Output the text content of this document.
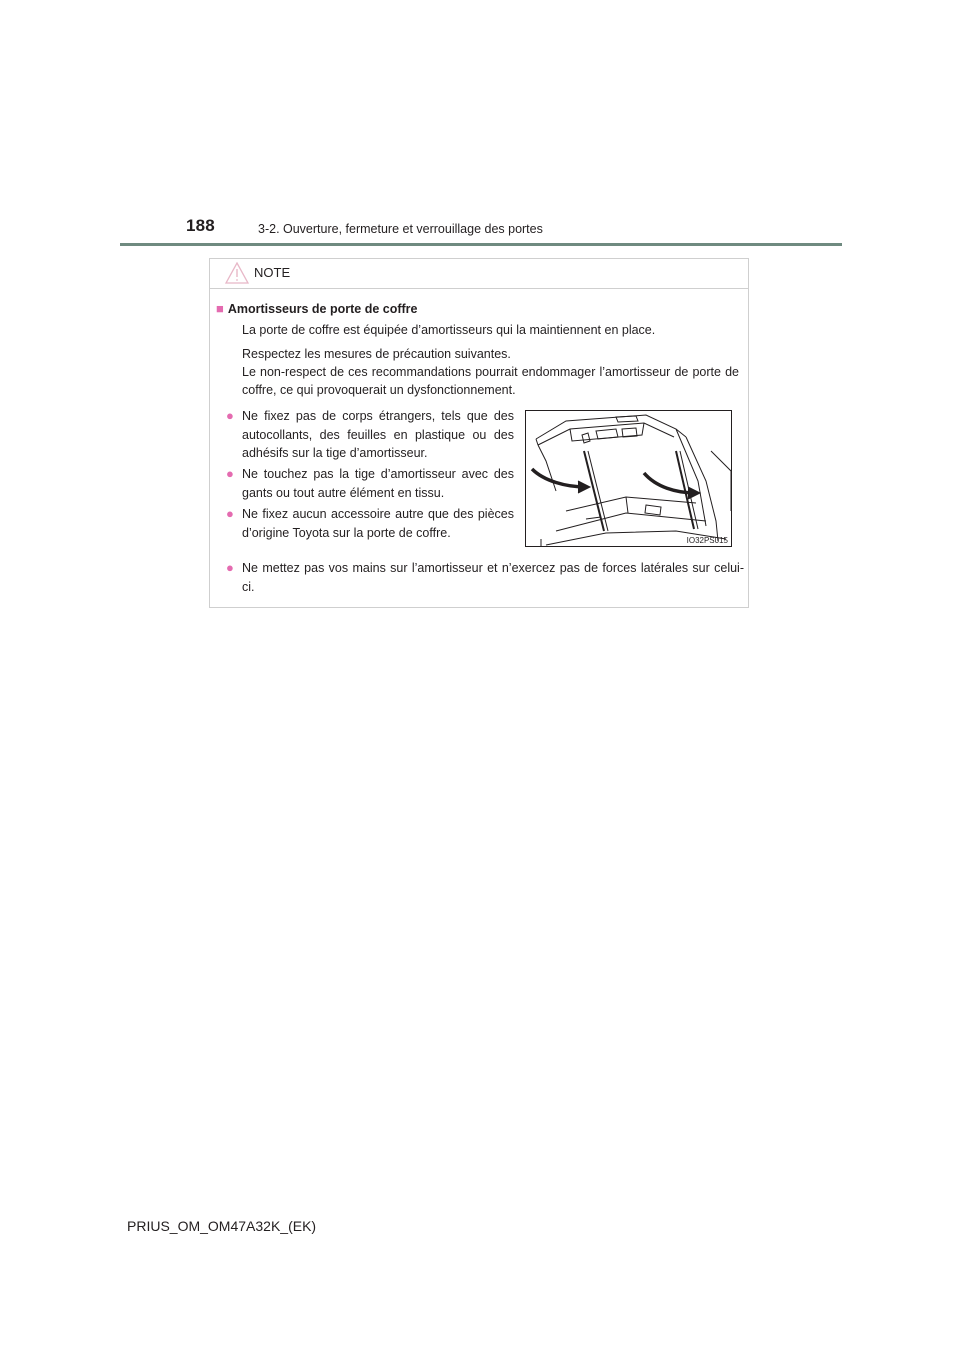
188	3-2. Ouverture, fermeture et verrouillage des portes
NOTE
■ Amortisseurs de porte de coffre
La porte de coffre est équipée d’amortisseurs qui la maintiennent en place.
Respectez les mesures de précaution suivantes.
Le non-respect de ces recommandations pourrait endommager l’amortisseur de porte de coffre, ce qui provoquerait un dysfonctionnement.
● Ne fixez pas de corps étrangers, tels que des autocollants, des feuilles en plastique ou des adhésifs sur la tige d’amortisseur.
● Ne touchez pas la tige d’amortisseur avec des gants ou tout autre élément en tissu.
● Ne fixez aucun accessoire autre que des pièces d’origine Toyota sur la porte de coffre.
IO32PS015
● Ne mettez pas vos mains sur l’amortisseur et n’exercez pas de forces latérales sur celui-ci.
PRIUS_OM_OM47A32K_(EK)
